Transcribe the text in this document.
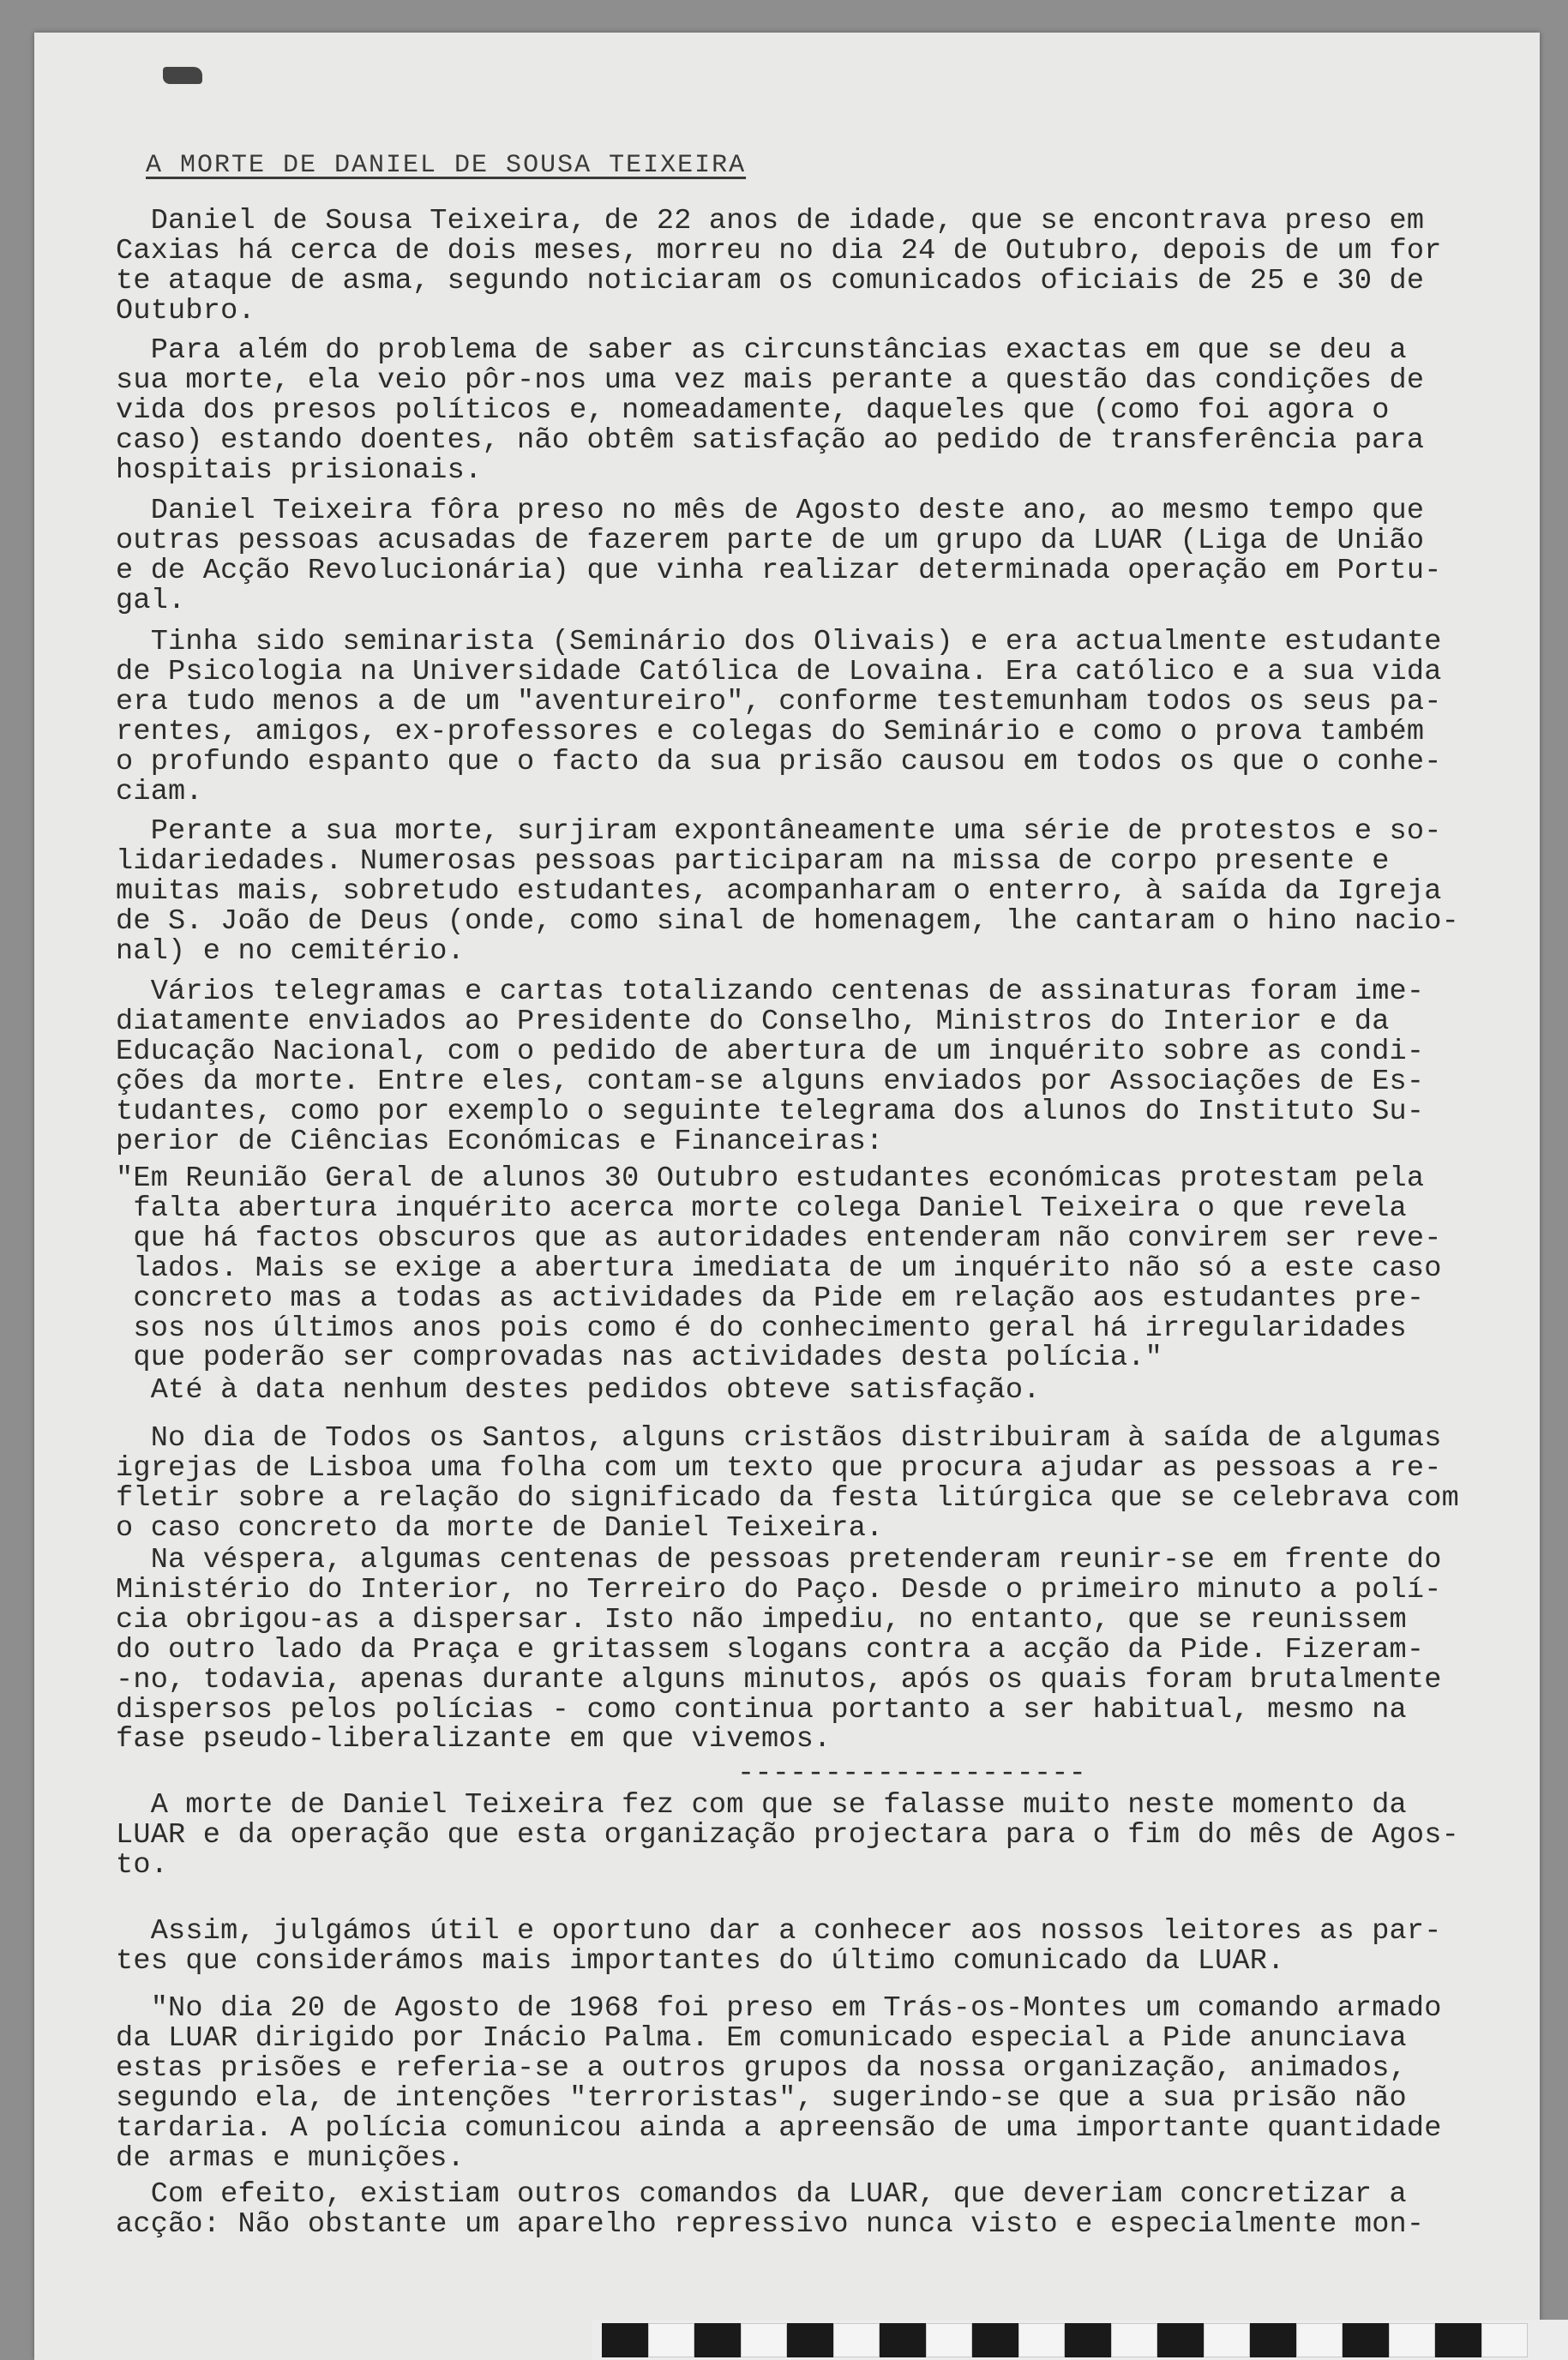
A MORTE DE DANIEL DE SOUSA TEIXEIRA
Daniel de Sousa Teixeira, de 22 anos de idade, que se encontrava preso em
Caxias há cerca de dois meses, morreu no dia 24 de Outubro, depois de um for
te ataque de asma, segundo noticiaram os comunicados oficiais de 25 e 30 de
Outubro.
Para além do problema de saber as circunstâncias exactas em que se deu a
sua morte, ela veio pôr-nos uma vez mais perante a questão das condições de
vida dos presos políticos e, nomeadamente, daqueles que (como foi agora o
caso) estando doentes, não obtêm satisfação ao pedido de transferência para
hospitais prisionais.
Daniel Teixeira fôra preso no mês de Agosto deste ano, ao mesmo tempo que
outras pessoas acusadas de fazerem parte de um grupo da LUAR (Liga de União
e de Acção Revolucionária) que vinha realizar determinada operação em Portu-
gal.
Tinha sido seminarista (Seminário dos Olivais) e era actualmente estudante
de Psicologia na Universidade Católica de Lovaina. Era católico e a sua vida
era tudo menos a de um "aventureiro", conforme testemunham todos os seus pa-
rentes, amigos, ex-professores e colegas do Seminário e como o prova também
o profundo espanto que o facto da sua prisão causou em todos os que o conhe-
ciam.
Perante a sua morte, surjiram expontâneamente uma série de protestos e so-
lidariedades. Numerosas pessoas participaram na missa de corpo presente e
muitas mais, sobretudo estudantes, acompanharam o enterro, à saída da Igreja
de S. João de Deus (onde, como sinal de homenagem, lhe cantaram o hino nacio-
nal) e no cemitério.
Vários telegramas e cartas totalizando centenas de assinaturas foram ime-
diatamente enviados ao Presidente do Conselho, Ministros do Interior e da
Educação Nacional, com o pedido de abertura de um inquérito sobre as condi-
ções da morte. Entre eles, contam-se alguns enviados por Associações de Es-
tudantes, como por exemplo o seguinte telegrama dos alunos do Instituto Su-
perior de Ciências Económicas e Financeiras:
"Em Reunião Geral de alunos 30 Outubro estudantes económicas protestam pela
falta abertura inquérito acerca morte colega Daniel Teixeira o que revela
que há factos obscuros que as autoridades entenderam não convirem ser reve-
lados. Mais se exige a abertura imediata de um inquérito não só a este caso
concreto mas a todas as actividades da Pide em relação aos estudantes pre-
sos nos últimos anos pois como é do conhecimento geral há irregularidades
que poderão ser comprovadas nas actividades desta polícia."
Até à data nenhum destes pedidos obteve satisfação.
No dia de Todos os Santos, alguns cristãos distribuiram à saída de algumas
igrejas de Lisboa uma folha com um texto que procura ajudar as pessoas a re-
fletir sobre a relação do significado da festa litúrgica que se celebrava com
o caso concreto da morte de Daniel Teixeira.
Na véspera, algumas centenas de pessoas pretenderam reunir-se em frente do
Ministério do Interior, no Terreiro do Paço. Desde o primeiro minuto a polí-
cia obrigou-as a dispersar. Isto não impediu, no entanto, que se reunissem
do outro lado da Praça e gritassem slogans contra a acção da Pide. Fizeram-
-no, todavia, apenas durante alguns minutos, após os quais foram brutalmente
dispersos pelos polícias - como continua portanto a ser habitual, mesmo na
fase pseudo-liberalizante em que vivemos.
--------------------
A morte de Daniel Teixeira fez com que se falasse muito neste momento da
LUAR e da operação que esta organização projectara para o fim do mês de Agos-
to.
Assim, julgámos útil e oportuno dar a conhecer aos nossos leitores as par-
tes que considerámos mais importantes do último comunicado da LUAR.
"No dia 20 de Agosto de 1968 foi preso em Trás-os-Montes um comando armado
da LUAR dirigido por Inácio Palma. Em comunicado especial a Pide anunciava
estas prisões e referia-se a outros grupos da nossa organização, animados,
segundo ela, de intenções "terroristas", sugerindo-se que a sua prisão não
tardaria. A polícia comunicou ainda a apreensão de uma importante quantidade
de armas e munições.
Com efeito, existiam outros comandos da LUAR, que deveriam concretizar a
acção: Não obstante um aparelho repressivo nunca visto e especialmente mon-
